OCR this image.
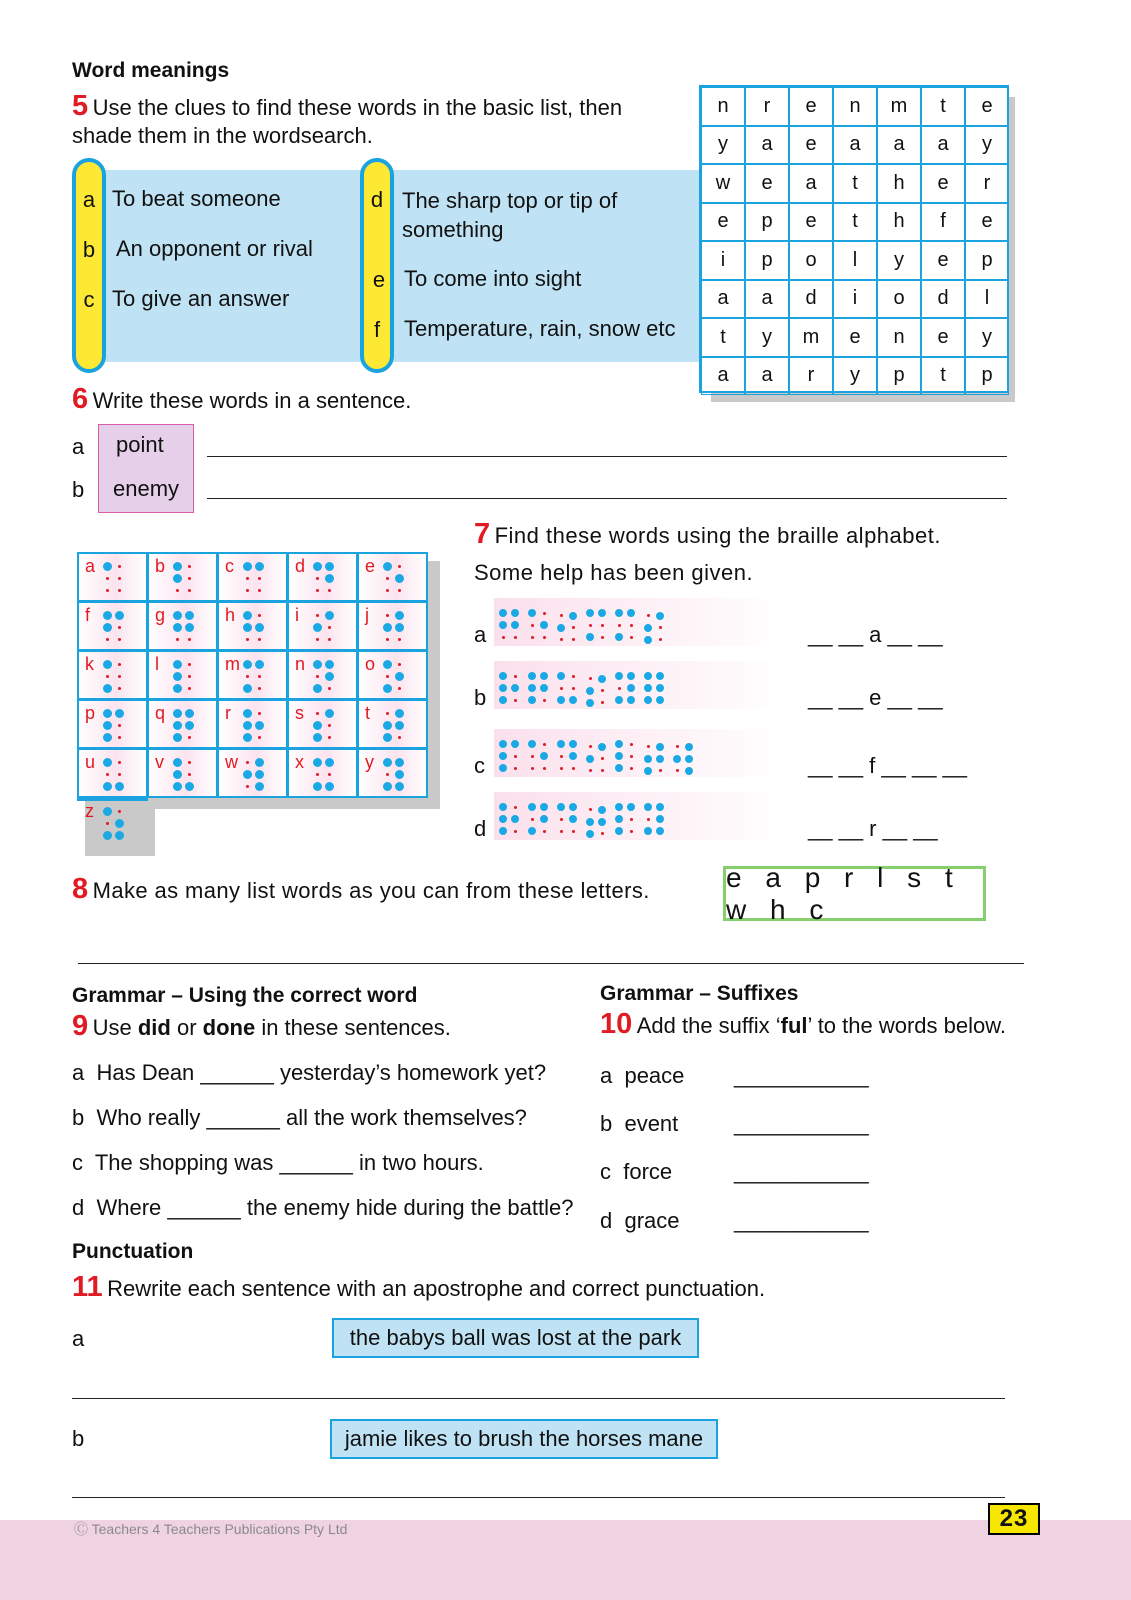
Word meanings
5 Use the clues to find these words in the basic list, then
shade them in the wordsearch.
a To beat someone
b An opponent or rival
c To give an answer
d The sharp top or tip of
something
e To come into sight
f	Temperature, rain, snow etc
n	r	e	n	m	t	e
y	a	e	a	a	a	y
w	e	a	t	h	e	r
e	p	e	t	h	f	e
i	p	o	l	y	e	p
a	a	d	i	o	d	l
t	y	m	e	n	e	y
a	a	r	y	p	t	p
6 Write these words in a sentence.
a point
b enemy
a	b	c	d	e
f	g	h	i	j
k	l	m	n	o
p	q	r	s	t
u	v	w	x	y
z
7 Find these words using the braille alphabet.
Some help has been given.
a	__ __ a __ __
b	__ __ e __ __
c	__ __ f __ __ __
d	__ __ r __ __
8 Make as many list words as you can from these letters.	e a p r l s t w h c
Grammar – Using the correct word
9 Use did or done in these sentences.
a  Has Dean ______ yesterday’s homework yet?
b  Who really ______ all the work themselves?
c  The shopping was ______ in two hours.
d  Where ______ the enemy hide during the battle?
Grammar – Suffixes
10 Add the suffix ‘ful’ to the words below.
a  peace ___________
b  event	___________
c  force	___________
d  grace ___________
Punctuation
11 Rewrite each sentence with an apostrophe and correct punctuation.
a	the babys ball was lost at the park
b	jamie likes to brush the horses mane
Ⓒ Teachers 4 Teachers Publications Pty Ltd	23
